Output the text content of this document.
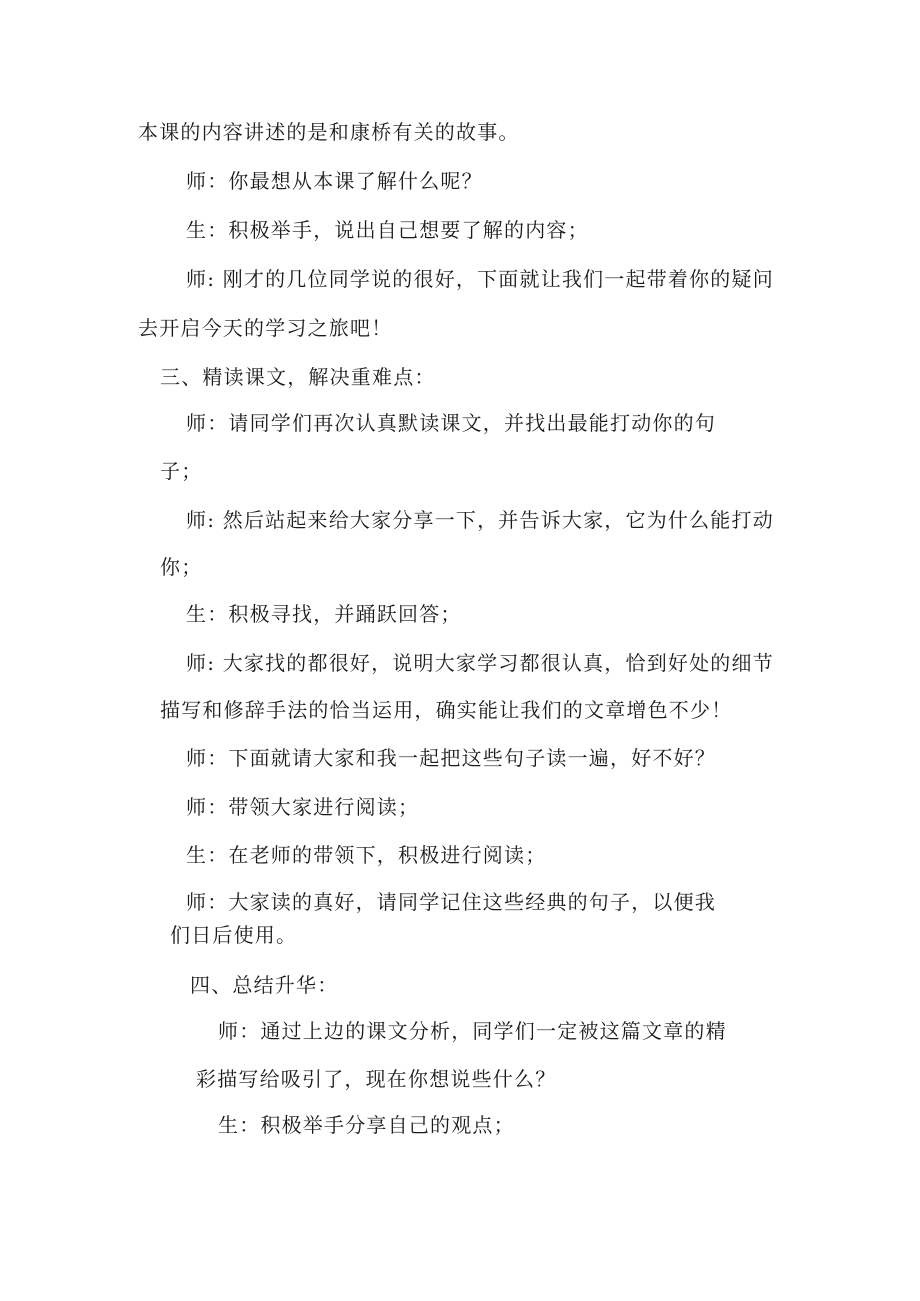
本课的内容讲述的是和康桥有关的故事。
师：你最想从本课了解什么呢？
生：积极举手，说出自己想要了解的内容；
师: 刚才的几位同学说的很好，下面就让我们一起带着你的疑问
去开启今天的学习之旅吧！
三、精读课文，解决重难点：
师：请同学们再次认真默读课文，并找出最能打动你的句
子；
师: 然后站起来给大家分享一下，并告诉大家，它为什么能打动
你；
生：积极寻找，并踊跃回答；
师: 大家找的都很好，说明大家学习都很认真，恰到好处的细节
描写和修辞手法的恰当运用，确实能让我们的文章增色不少！
师：下面就请大家和我一起把这些句子读一遍，好不好？
师：带领大家进行阅读；
生：在老师的带领下，积极进行阅读；
师：大家读的真好，请同学记住这些经典的句子，以便我
们日后使用。
四、总结升华：
师：通过上边的课文分析，同学们一定被这篇文章的精
彩描写给吸引了，现在你想说些什么？
生：积极举手分享自己的观点；
